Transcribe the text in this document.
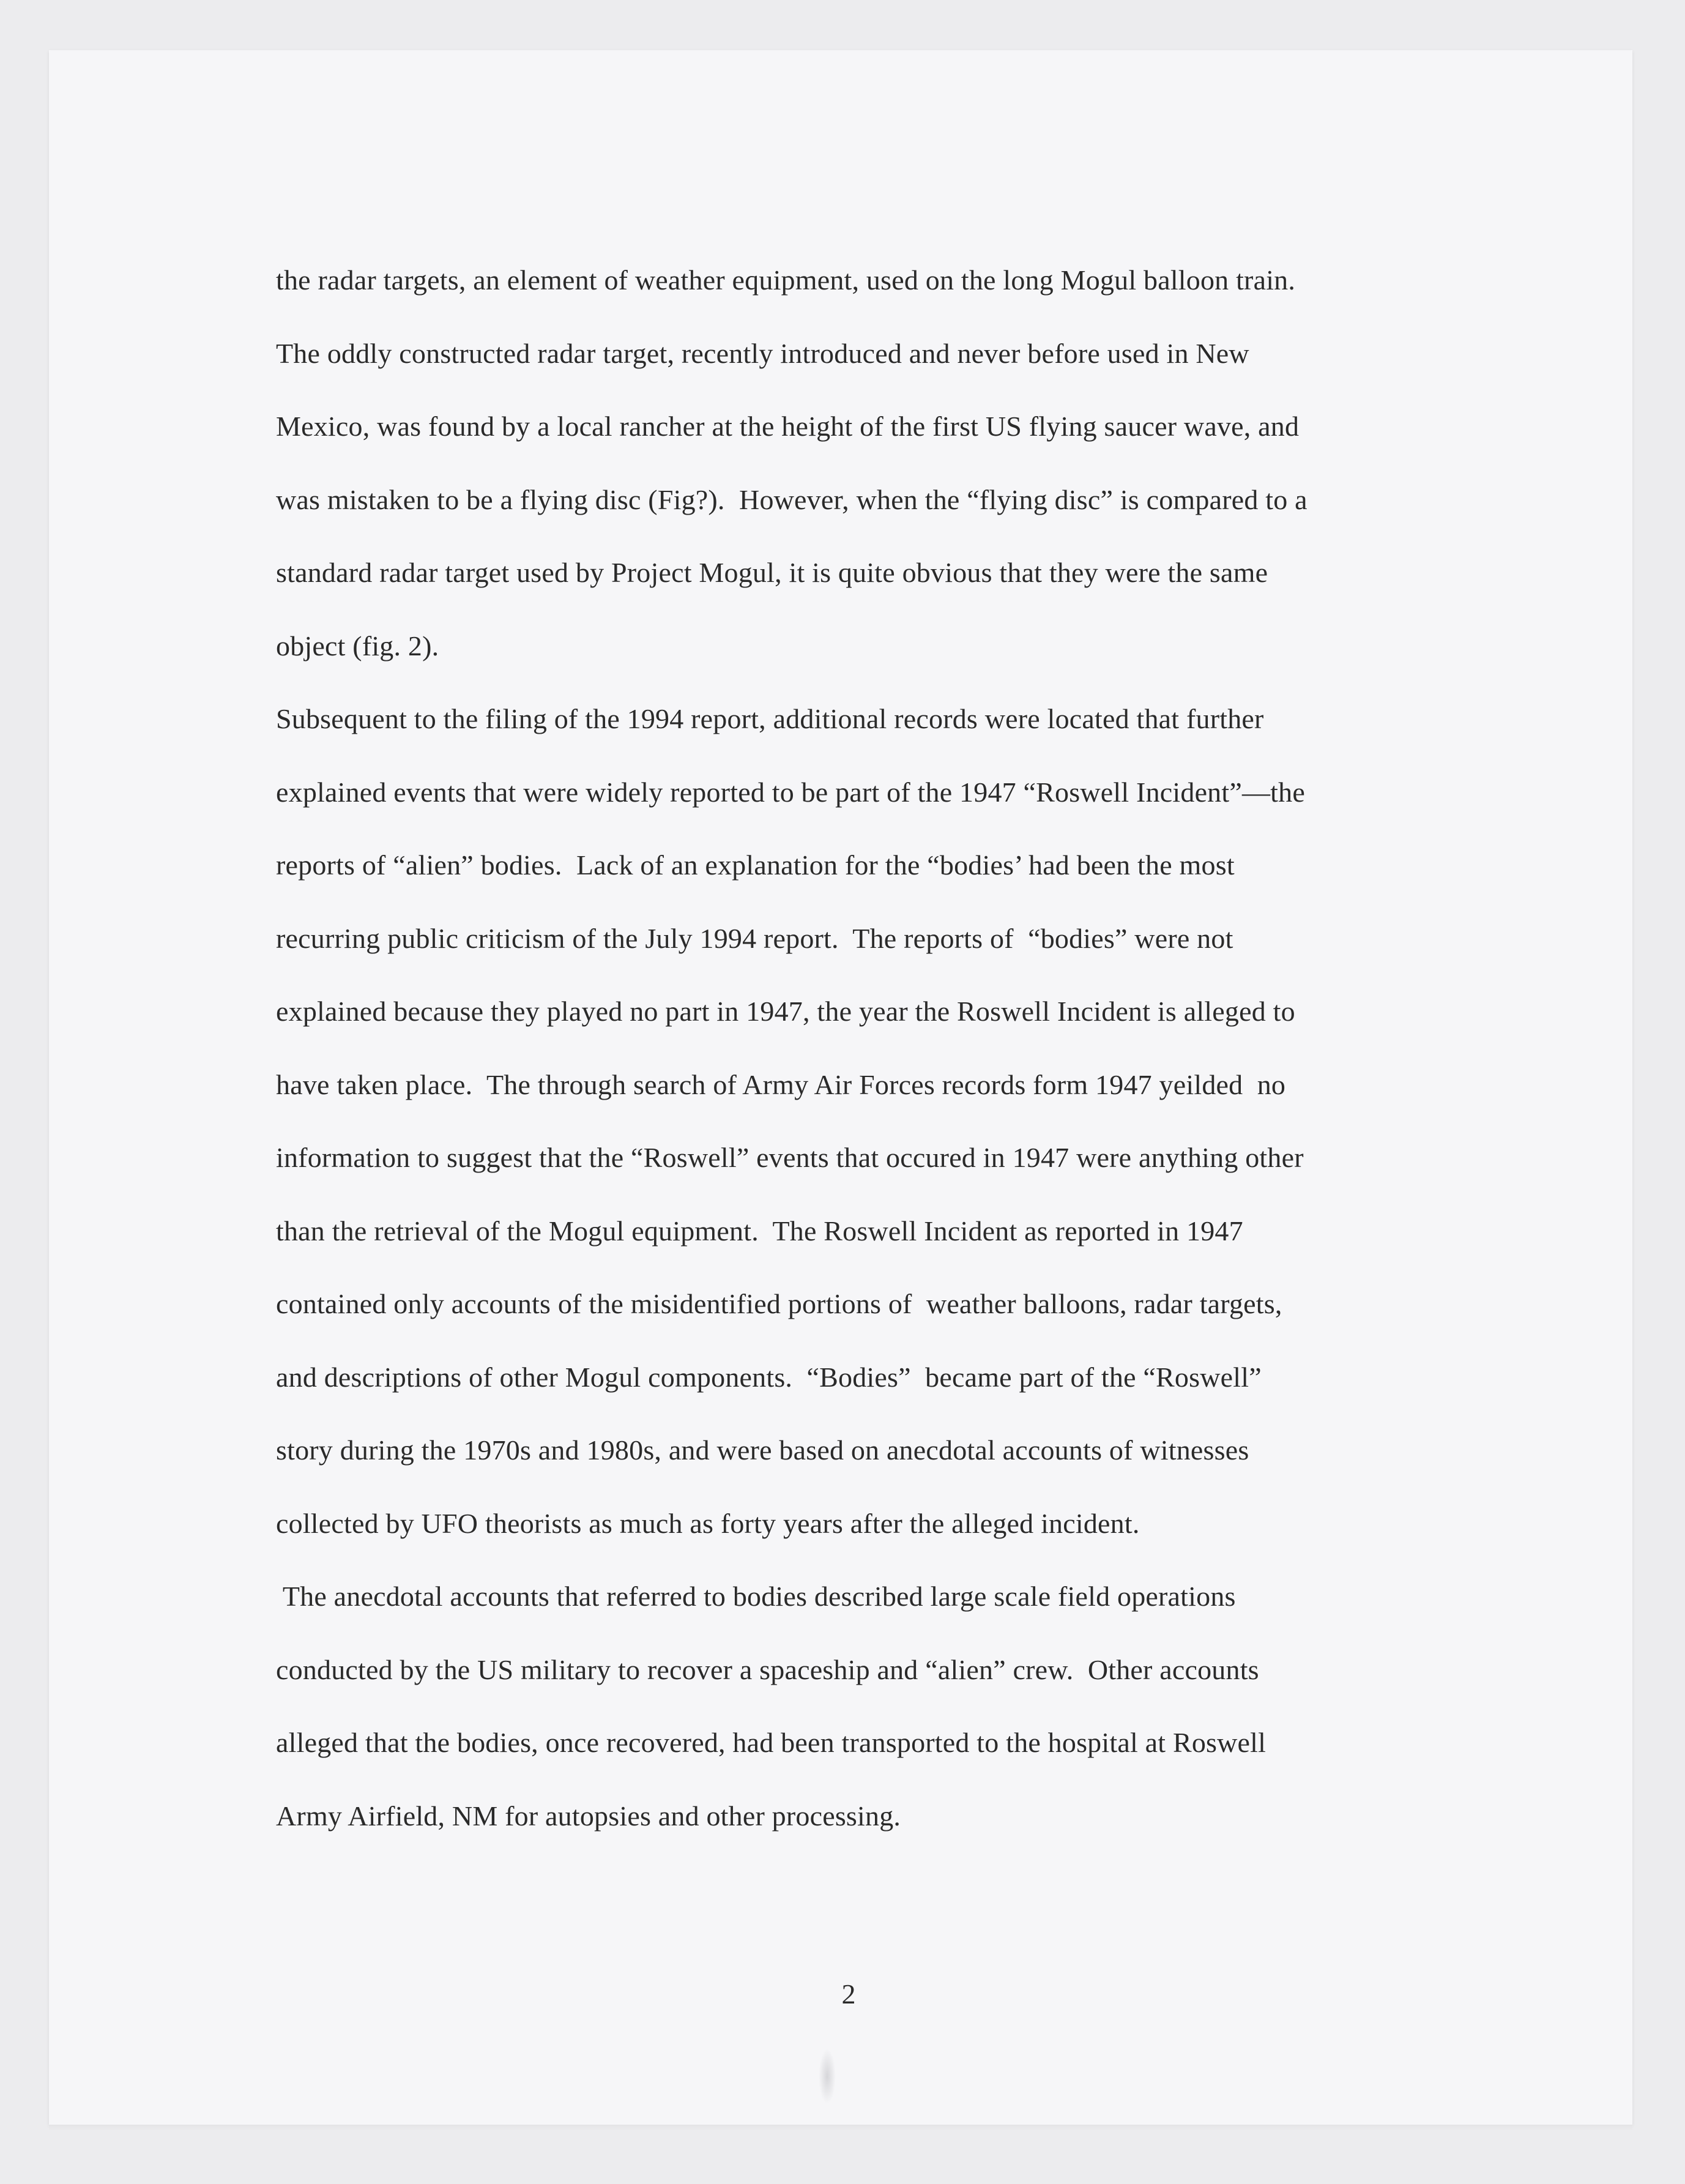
the radar targets, an element of weather equipment, used on the long Mogul balloon train.
The oddly constructed radar target, recently introduced and never before used in New
Mexico, was found by a local rancher at the height of the first US flying saucer wave, and
was mistaken to be a flying disc (Fig?).  However, when the “flying disc” is compared to a
standard radar target used by Project Mogul, it is quite obvious that they were the same
object (fig. 2).
Subsequent to the filing of the 1994 report, additional records were located that further
explained events that were widely reported to be part of the 1947 “Roswell Incident”—the
reports of “alien” bodies.  Lack of an explanation for the “bodies’ had been the most
recurring public criticism of the July 1994 report.  The reports of  “bodies” were not
explained because they played no part in 1947, the year the Roswell Incident is alleged to
have taken place.  The through search of Army Air Forces records form 1947 yeilded  no
information to suggest that the “Roswell” events that occured in 1947 were anything other
than the retrieval of the Mogul equipment.  The Roswell Incident as reported in 1947
contained only accounts of the misidentified portions of  weather balloons, radar targets,
and descriptions of other Mogul components.  “Bodies”  became part of the “Roswell”
story during the 1970s and 1980s, and were based on anecdotal accounts of witnesses
collected by UFO theorists as much as forty years after the alleged incident.
The anecdotal accounts that referred to bodies described large scale field operations
conducted by the US military to recover a spaceship and “alien” crew.  Other accounts
alleged that the bodies, once recovered, had been transported to the hospital at Roswell
Army Airfield, NM for autopsies and other processing.
2
